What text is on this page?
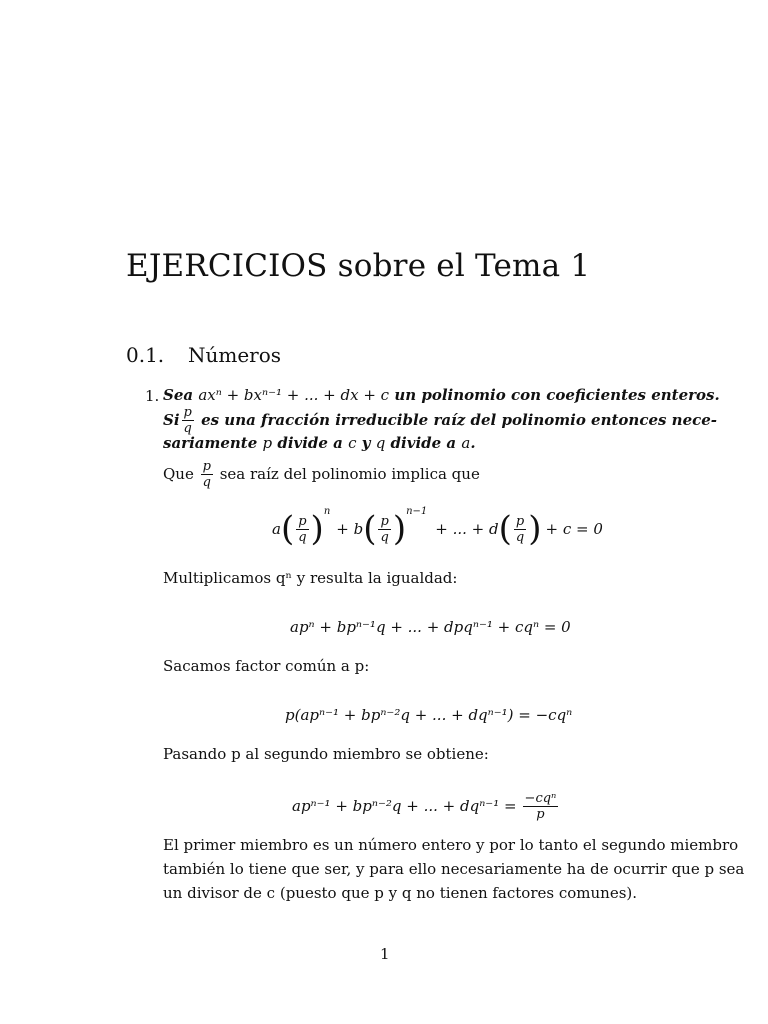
EJERCICIOS sobre el Tema 1
0.1. Números
1. Sea axⁿ + bxⁿ⁻¹ + ... + dx + c un polinomio con coeficientes enteros.
Si $\frac{p}{q}$ es una fracción irreducible raíz del polinomio entonces nece-
sariamente p divide a c y q divide a a.
Que $\frac{p}{q}$ sea raíz del polinomio implica que
a ( $\frac{p}{q}$ ) n
+ b ( $\frac{p}{q}$ ) n−1
+ ... + d ( $\frac{p}{q}$ ) + c = 0
Multiplicamos qⁿ y resulta la igualdad:
apⁿ + bpⁿ⁻¹q + ... + dpqⁿ⁻¹ + cqⁿ = 0
Sacamos factor común a p:
p(apⁿ⁻¹ + bpⁿ⁻²q + ... + dqⁿ⁻¹) = −cqⁿ
Pasando p al segundo miembro se obtiene:
apⁿ⁻¹ + bpⁿ⁻²q + ... + $dq^{n-1} = \frac{\text{−cqⁿ}}{p}$
El primer miembro es un número entero y por lo tanto el segundo miembro
también lo tiene que ser, y para ello necesariamente ha de ocurrir que p sea
un divisor de c (puesto que p y q no tienen factores comunes).
1
